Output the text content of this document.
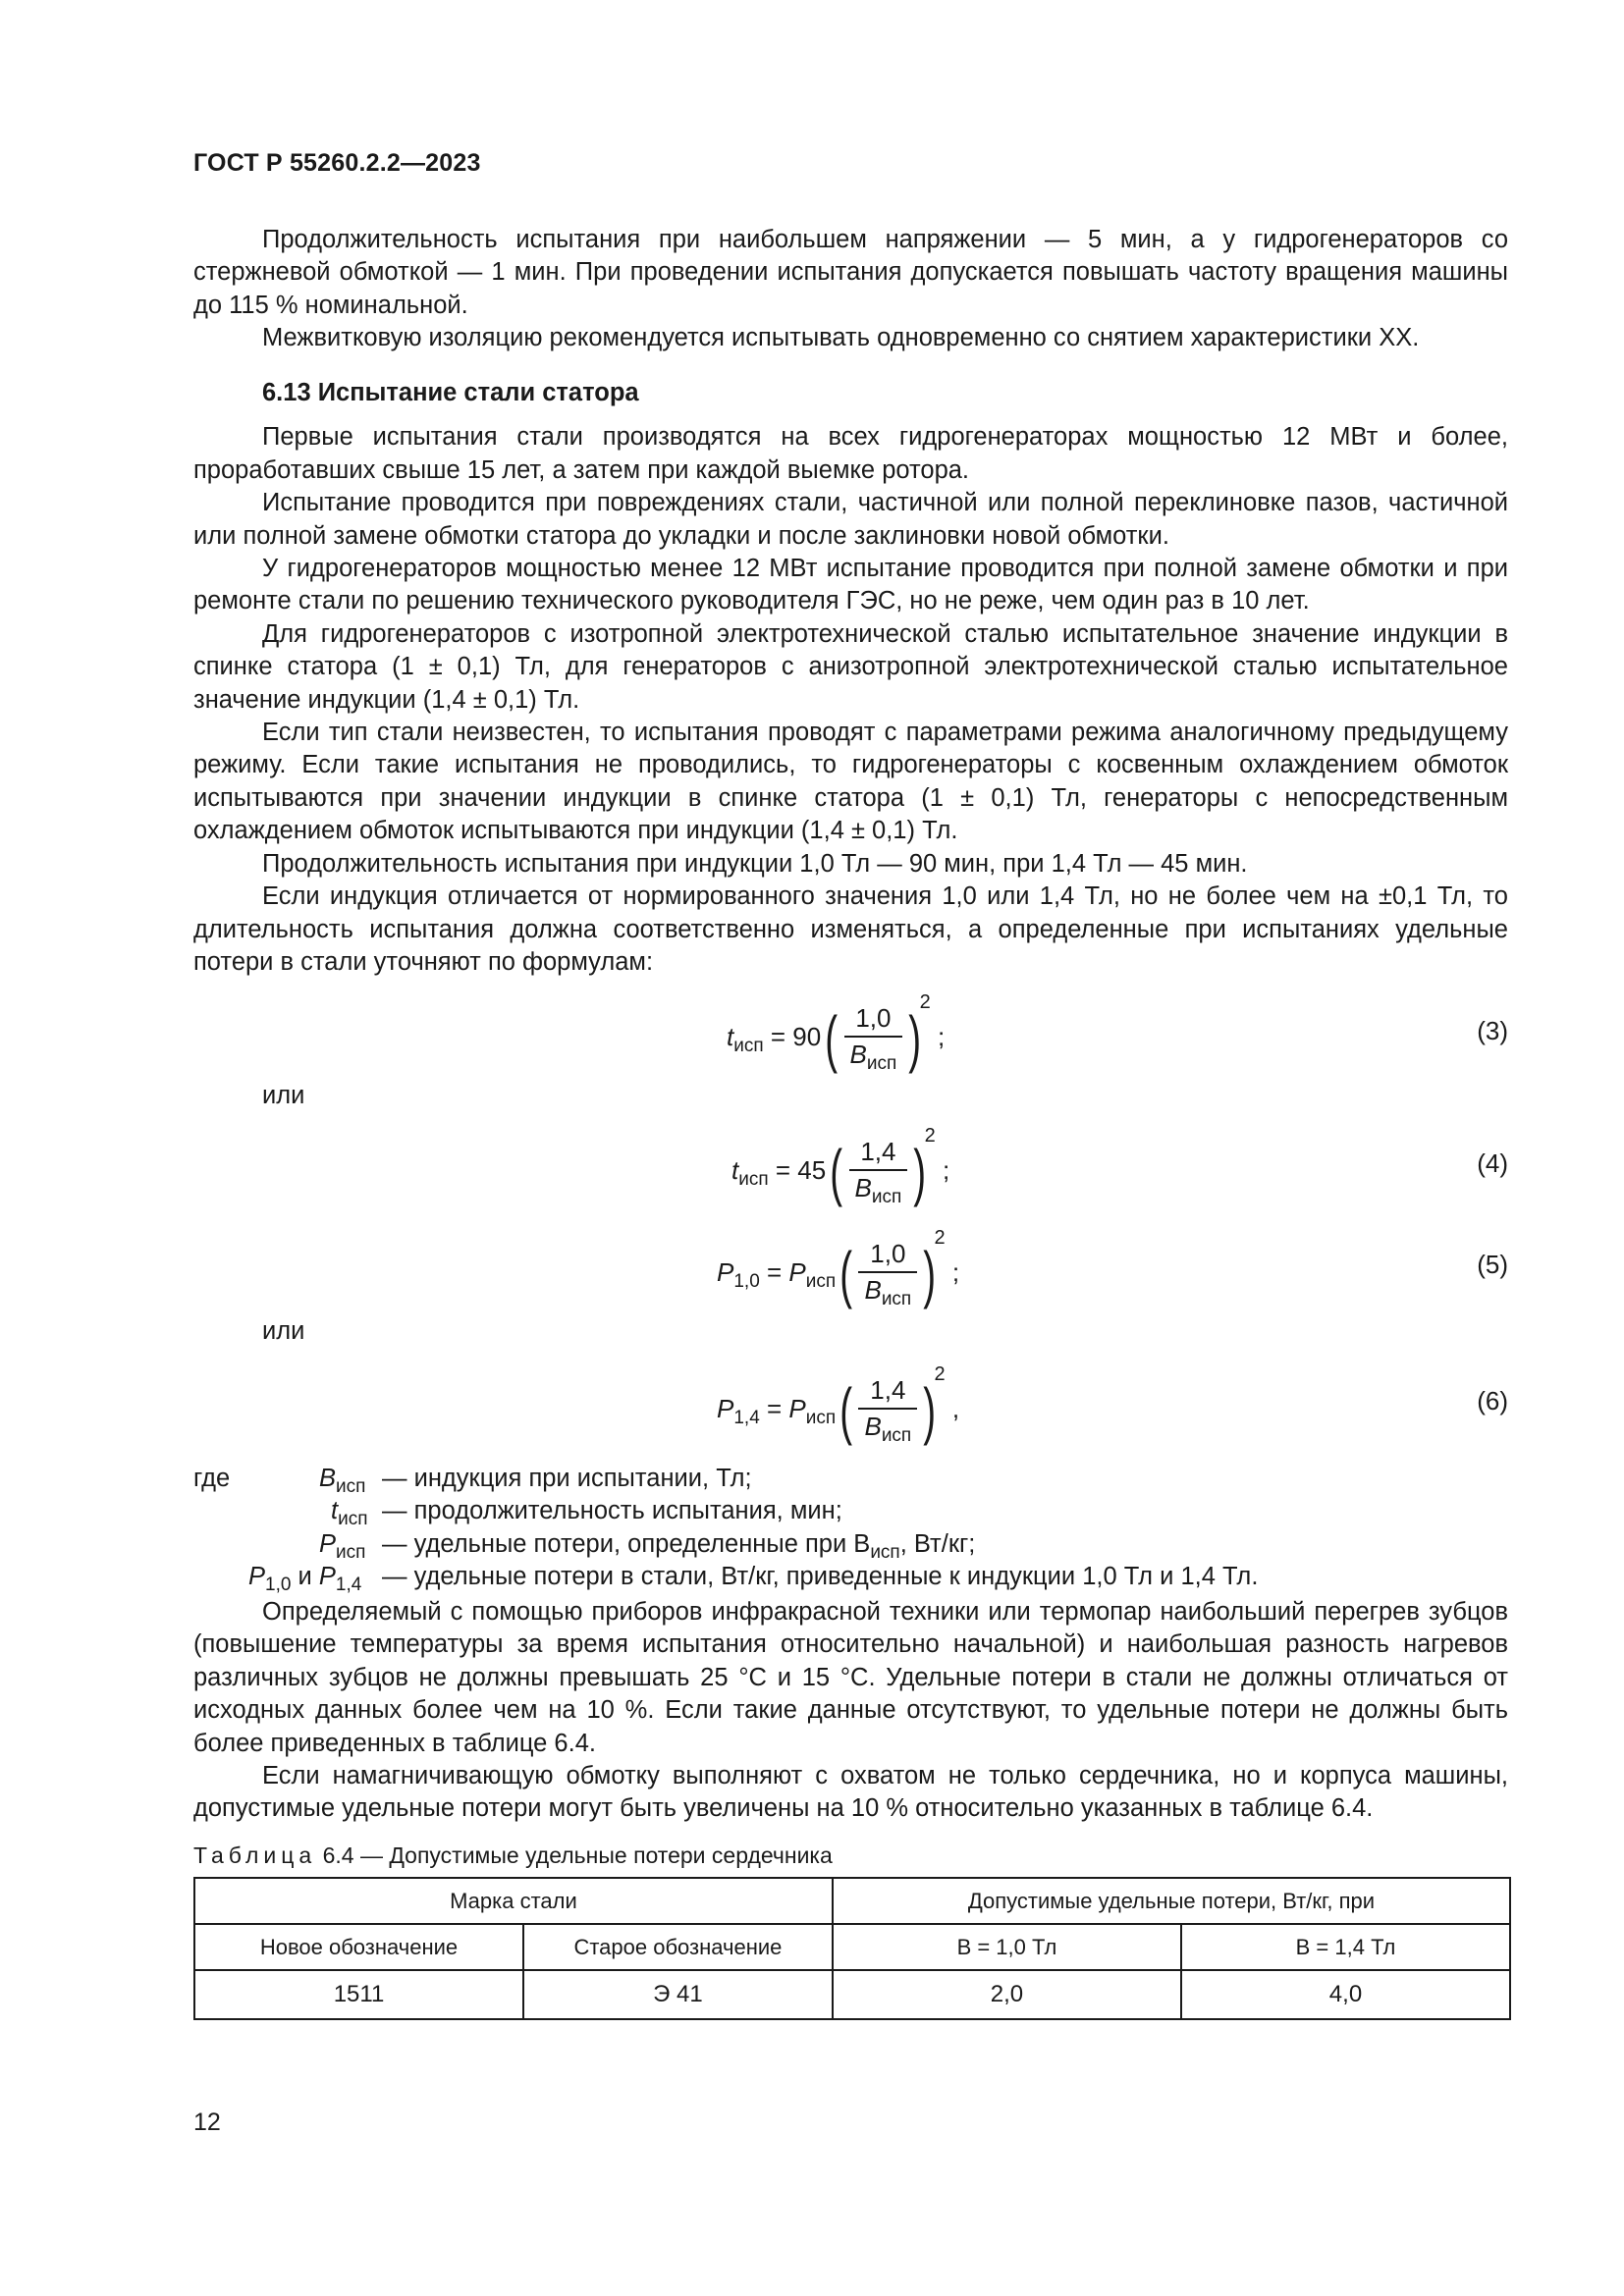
ГОСТ Р 55260.2.2—2023

Продолжительность испытания при наибольшем напряжении — 5 мин, а у гидрогенераторов со стержневой обмоткой — 1 мин. При проведении испытания допускается повышать частоту вращения машины до 115 % номинальной.

Межвитковую изоляцию рекомендуется испытывать одновременно со снятием характеристики XX.

6.13 Испытание стали статора

Первые испытания стали производятся на всех гидрогенераторах мощностью 12 МВт и более, проработавших свыше 15 лет, а затем при каждой выемке ротора.

Испытание проводится при повреждениях стали, частичной или полной переклиновке пазов, частичной или полной замене обмотки статора до укладки и после заклиновки новой обмотки.

У гидрогенераторов мощностью менее 12 МВт испытание проводится при полной замене обмотки и при ремонте стали по решению технического руководителя ГЭС, но не реже, чем один раз в 10 лет.

Для гидрогенераторов с изотропной электротехнической сталью испытательное значение индукции в спинке статора (1 ± 0,1) Тл, для генераторов с анизотропной электротехнической сталью испытательное значение индукции (1,4 ± 0,1) Тл.

Если тип стали неизвестен, то испытания проводят с параметрами режима аналогичному предыдущему режиму. Если такие испытания не проводились, то гидрогенераторы с косвенным охлаждением обмоток испытываются при значении индукции в спинке статора (1 ± 0,1) Тл, генераторы с непосредственным охлаждением обмоток испытываются при индукции (1,4 ± 0,1) Тл.

Продолжительность испытания при индукции 1,0 Тл — 90 мин, при 1,4 Тл — 45 мин.

Если индукция отличается от нормированного значения 1,0 или 1,4 Тл, но не более чем на ±0,1 Тл, то длительность испытания должна соответственно изменяться, а определенные при испытаниях удельные потери в стали уточняют по формулам:

$t_{исп} = 90( \frac{1,0}{B_{исп}} )^2$ ;	(3)
или
$t_{исп} = 45( \frac{1,4}{B_{исп}} )^2$ ;	(4)
$P_{1,0} = P_{исп}( \frac{1,0}{B_{исп}} )^2$ ;	(5)
или
$P_{1,4} = P_{исп}( \frac{1,4}{B_{исп}} )^2$ ,	(6)
где	$B_{исп}$ — индукция при испытании, Тл;
$t_{исп}$ — продолжительность испытания, мин;
$P_{исп}$ — удельные потери, определенные при $В_{исп}$, Вт/кг;
$P_{1,0}$ и $P_{1,4}$ — удельные потери в стали, Вт/кг, приведенные к индукции 1,0 Тл и 1,4 Тл.

Определяемый с помощью приборов инфракрасной техники или термопар наибольший перегрев зубцов (повышение температуры за время испытания относительно начальной) и наибольшая разность нагревов различных зубцов не должны превышать 25 °С и 15 °С. Удельные потери в стали не должны отличаться от исходных данных более чем на 10 %. Если такие данные отсутствуют, то удельные потери не должны быть более приведенных в таблице 6.4.

Если намагничивающую обмотку выполняют с охватом не только сердечника, но и корпуса машины, допустимые удельные потери могут быть увеличены на 10 % относительно указанных в таблице 6.4.

Таблица 6.4 — Допустимые удельные потери сердечника
Марка стали		Допустимые удельные потери, Вт/кг, при	
Новое обозначение	Старое обозначение	B = 1,0 Тл	B = 1,4 Тл
1511	Э 41	2,0	4,0
12
